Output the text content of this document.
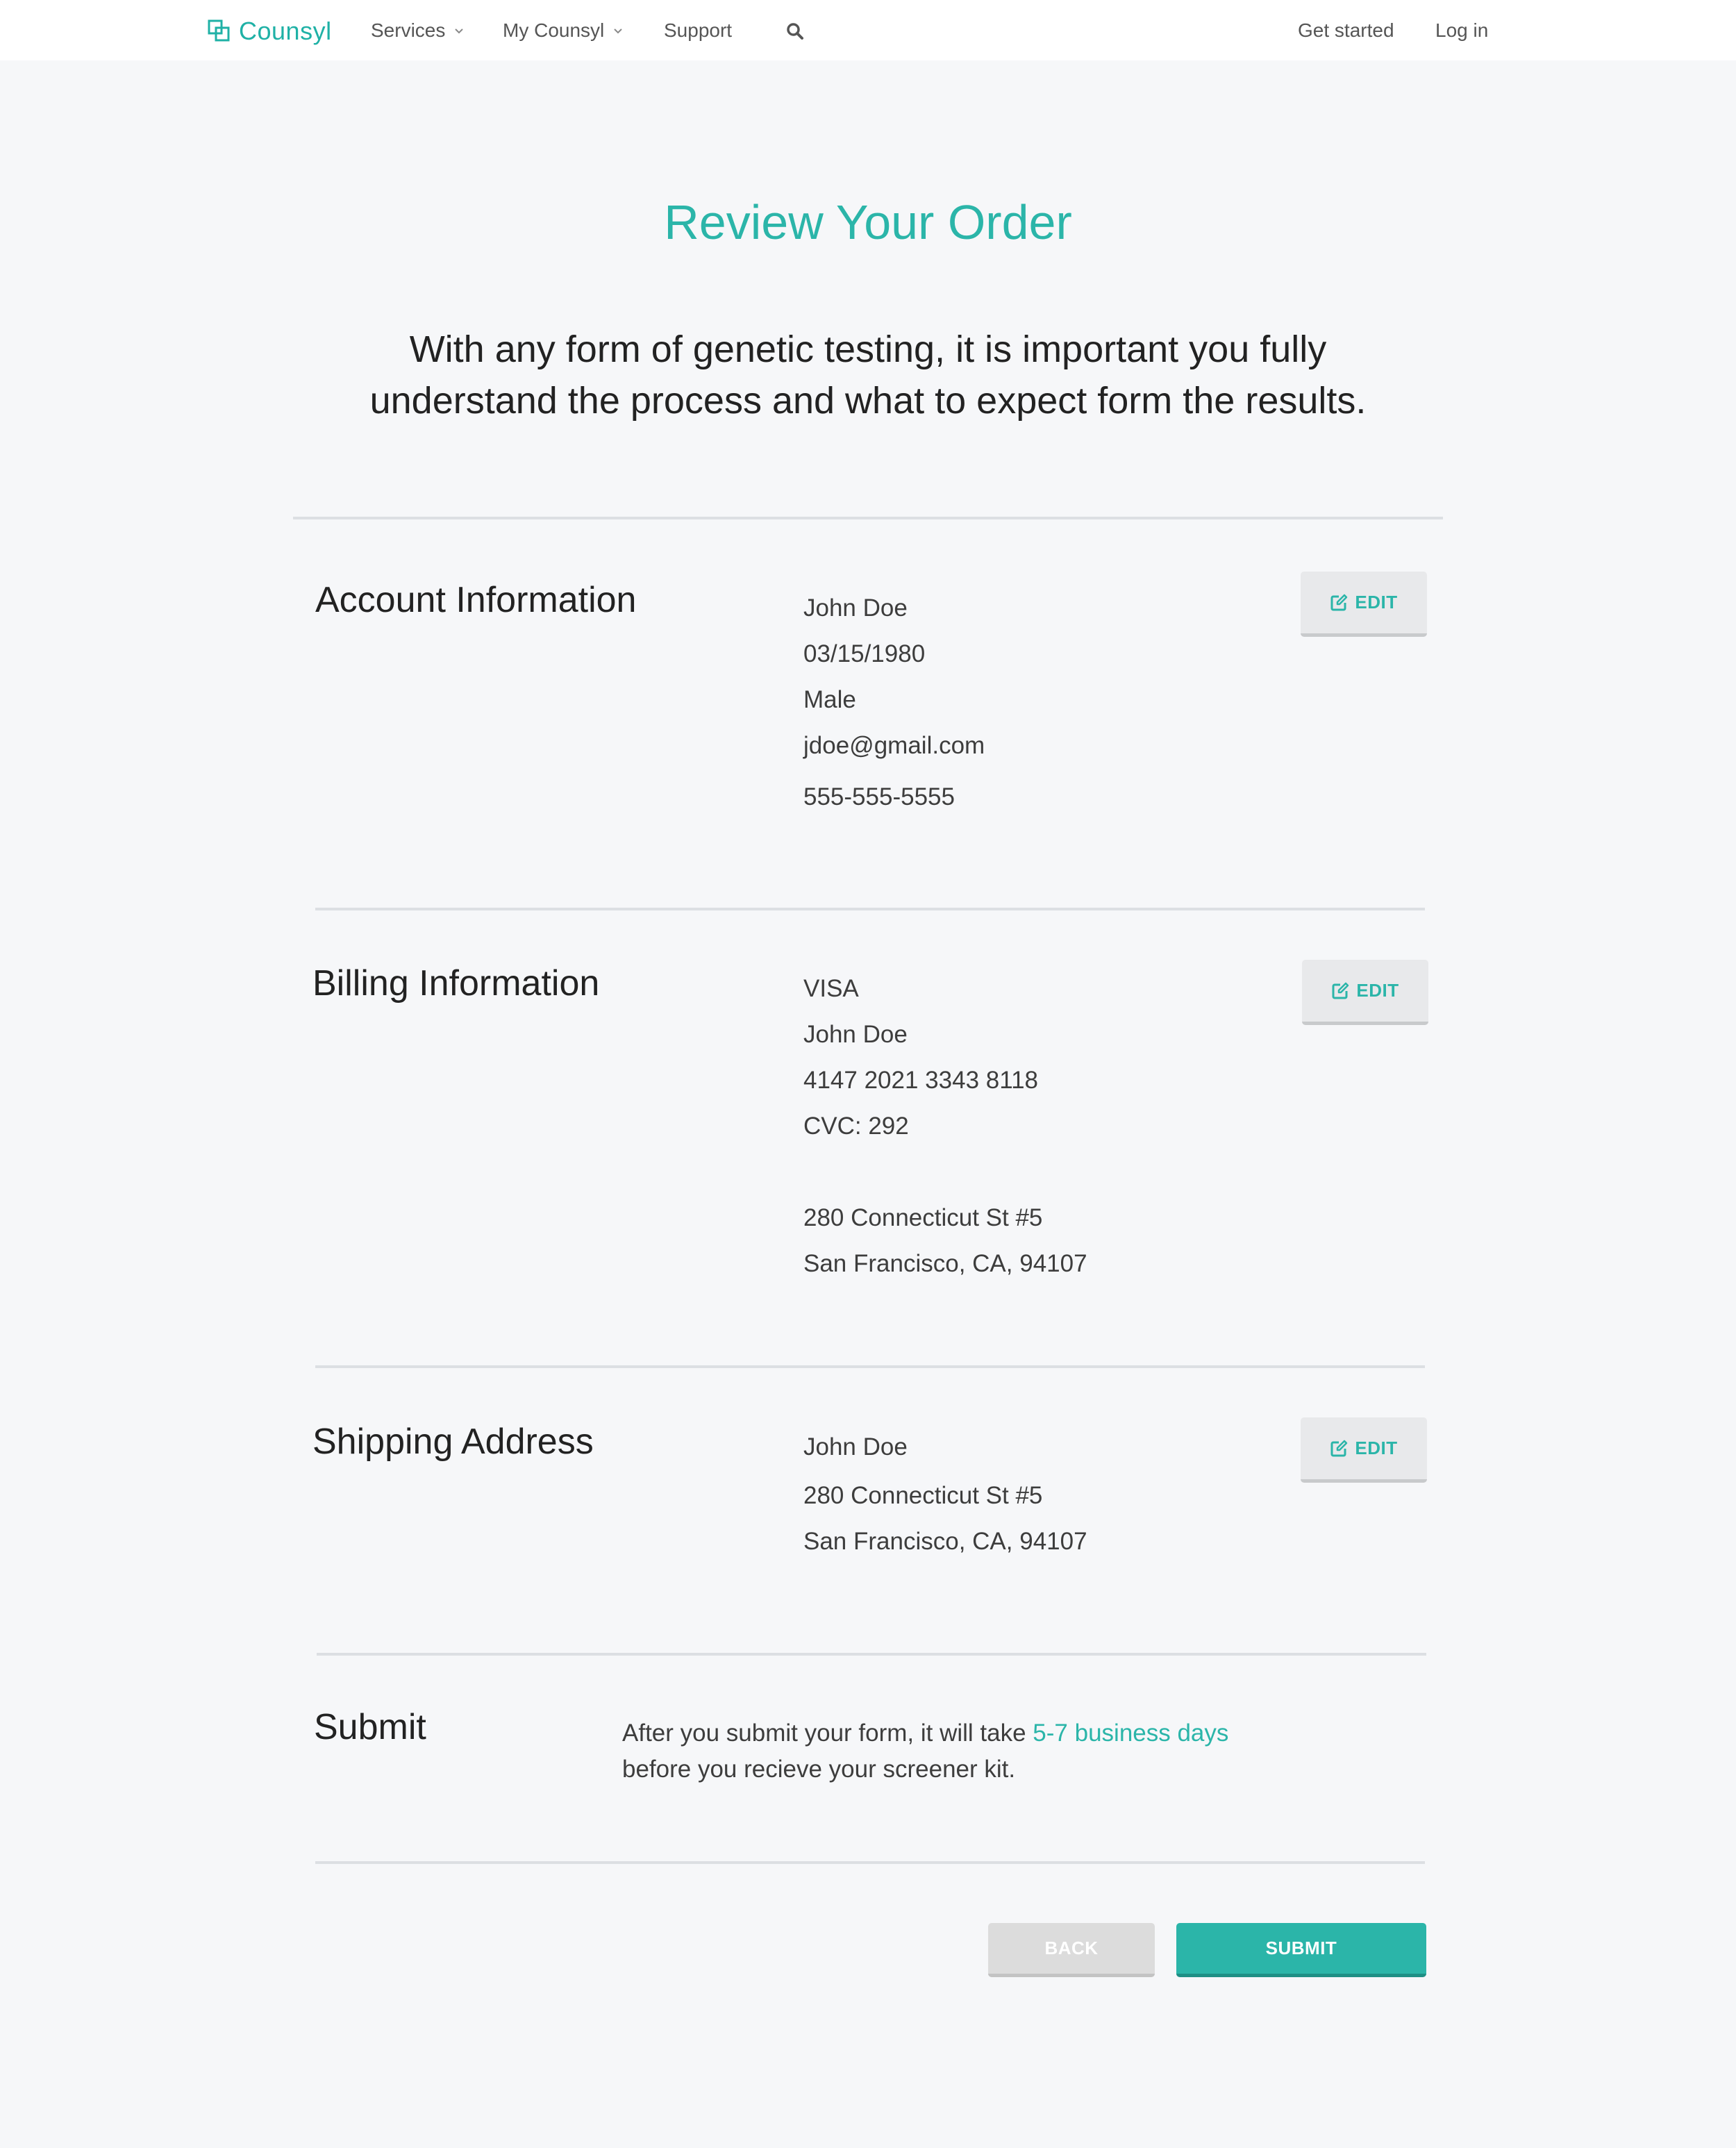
Counsyl Services	My Counsyl	Support	Get started Log in
Review Your Order
With any form of genetic testing, it is important you fully
understand the process and what to expect form the results.
Account Information	John Doe
03/15/1980
Male
jdoe@gmail.com
555-555-5555
EDIT
Billing Information	VISA
John Doe
4147 2021 3343 8118
CVC: 292
280 Connecticut St #5
San Francisco, CA, 94107
EDIT
Shipping Address	John Doe
280 Connecticut St #5
San Francisco, CA, 94107
EDIT
Submit	After you submit your form, it will take 5-7 business days
before you recieve your screener kit.
BACK	SUBMIT
